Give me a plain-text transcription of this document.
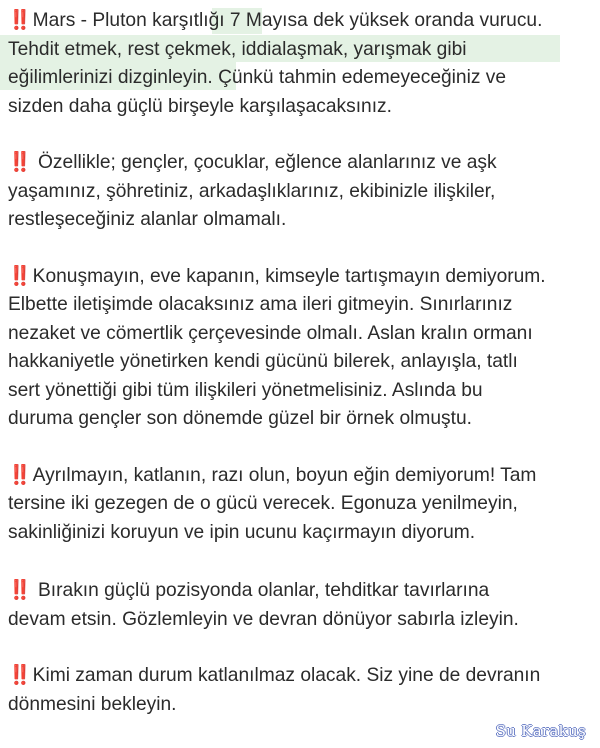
‼️ Mars - Pluton karşıtlığı 7 Mayısa dek yüksek oranda vurucu.
Tehdit etmek, rest çekmek, iddialaşmak, yarışmak gibi
eğilimlerinizi dizginleyin. Çünkü tahmin edemeyeceğiniz ve
sizden daha güçlü birşeyle karşılaşacaksınız.
‼️ Özellikle; gençler, çocuklar, eğlence alanlarınız ve aşk
yaşamınız, şöhretiniz, arkadaşlıklarınız, ekibinizle ilişkiler,
restleşeceğiniz alanlar olmamalı.
‼️ Konuşmayın, eve kapanın, kimseyle tartışmayın demiyorum.
Elbette iletişimde olacaksınız ama ileri gitmeyin. Sınırlarınız
nezaket ve cömertlik çerçevesinde olmalı. Aslan kralın ormanı
hakkaniyetle yönetirken kendi gücünü bilerek, anlayışla, tatlı
sert yönettiği gibi tüm ilişkileri yönetmelisiniz. Aslında bu
duruma gençler son dönemde güzel bir örnek olmuştu.
‼️ Ayrılmayın, katlanın, razı olun, boyun eğin demiyorum! Tam
tersine iki gezegen de o gücü verecek. Egonuza yenilmeyin,
sakinliğinizi koruyun ve ipin ucunu kaçırmayın diyorum.
‼️ Bırakın güçlü pozisyonda olanlar, tehditkar tavırlarına
devam etsin. Gözlemleyin ve devran dönüyor sabırla izleyin.
‼️ Kimi zaman durum katlanılmaz olacak. Siz yine de devranın
dönmesini bekleyin.
Su Karakuş
